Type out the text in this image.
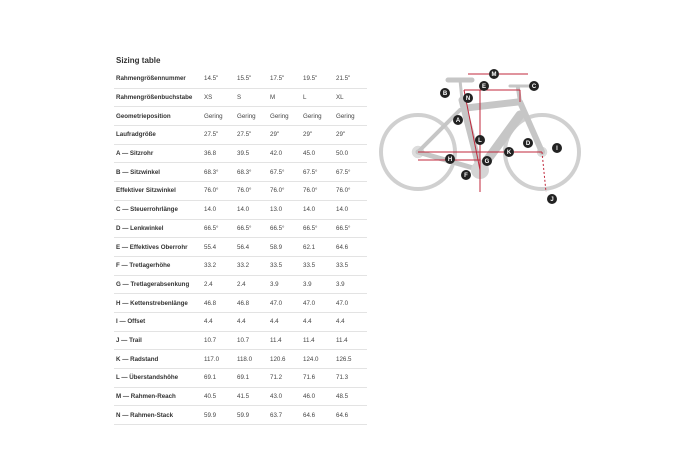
Sizing table
Rahmengrößennummer	14.5"	15.5"	17.5"	19.5"	21.5"
Rahmengrößenbuchstabe	XS	S	M	L	XL
Geometrieposition	Gering	Gering	Gering	Gering	Gering
Laufradgröße	27.5"	27.5"	29"	29"	29"
A — Sitzrohr	36.8	39.5	42.0	45.0	50.0
B — Sitzwinkel	68.3°	68.3°	67.5°	67.5°	67.5°
Effektiver Sitzwinkel	76.0°	76.0°	76.0°	76.0°	76.0°
C — Steuerrohrlänge	14.0	14.0	13.0	14.0	14.0
D — Lenkwinkel	66.5°	66.5°	66.5°	66.5°	66.5°
E — Effektives Oberrohr	55.4	56.4	58.9	62.1	64.6
F — Tretlagerhöhe	33.2	33.2	33.5	33.5	33.5
G — Tretlagerabsenkung	2.4	2.4	3.9	3.9	3.9
H — Kettenstrebenlänge	46.8	46.8	47.0	47.0	47.0
I — Offset	4.4	4.4	4.4	4.4	4.4
J — Trail	10.7	10.7	11.4	11.4	11.4
K — Radstand	117.0	118.0	120.6	124.0	126.5
L — Überstandshöhe	69.1	69.1	71.2	71.6	71.3
M — Rahmen-Reach	40.5	41.5	43.0	46.0	48.5
N — Rahmen-Stack	59.9	59.9	63.7	64.6	64.6
A
B
C
D
E
F
G
H
I
J
K
L
M
N
